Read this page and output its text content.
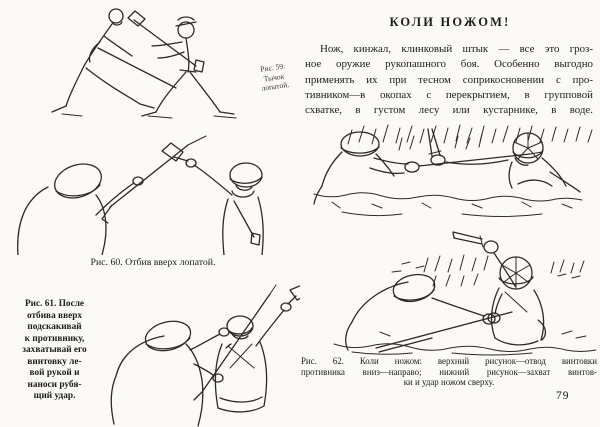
Рис. 59.
Тычок
лопатой.
Рис. 60. Отбив вверх лопатой.
Рис. 61. После
отбива вверх
подскакивай
к противнику,
захватывай его
винтовку ле-
вой рукой и
наноси рубя-
щий удар.
КОЛИ НОЖОМ!
Нож, кинжал, клинковый штык — все это гроз-
ное оружие рукопашного боя. Особенно выгодно
применять их при тесном соприкосновении с про-
тивником—в окопах с перекрытием, в групповой
схватке, в густом лесу или кустарнике, в воде.
Рис. 62. Коли ножом: верхний рисунок—отвод винтовки
противника вниз—направо; нижний рисунок—захват винтов-
ки и удар ножом сверху.
79
